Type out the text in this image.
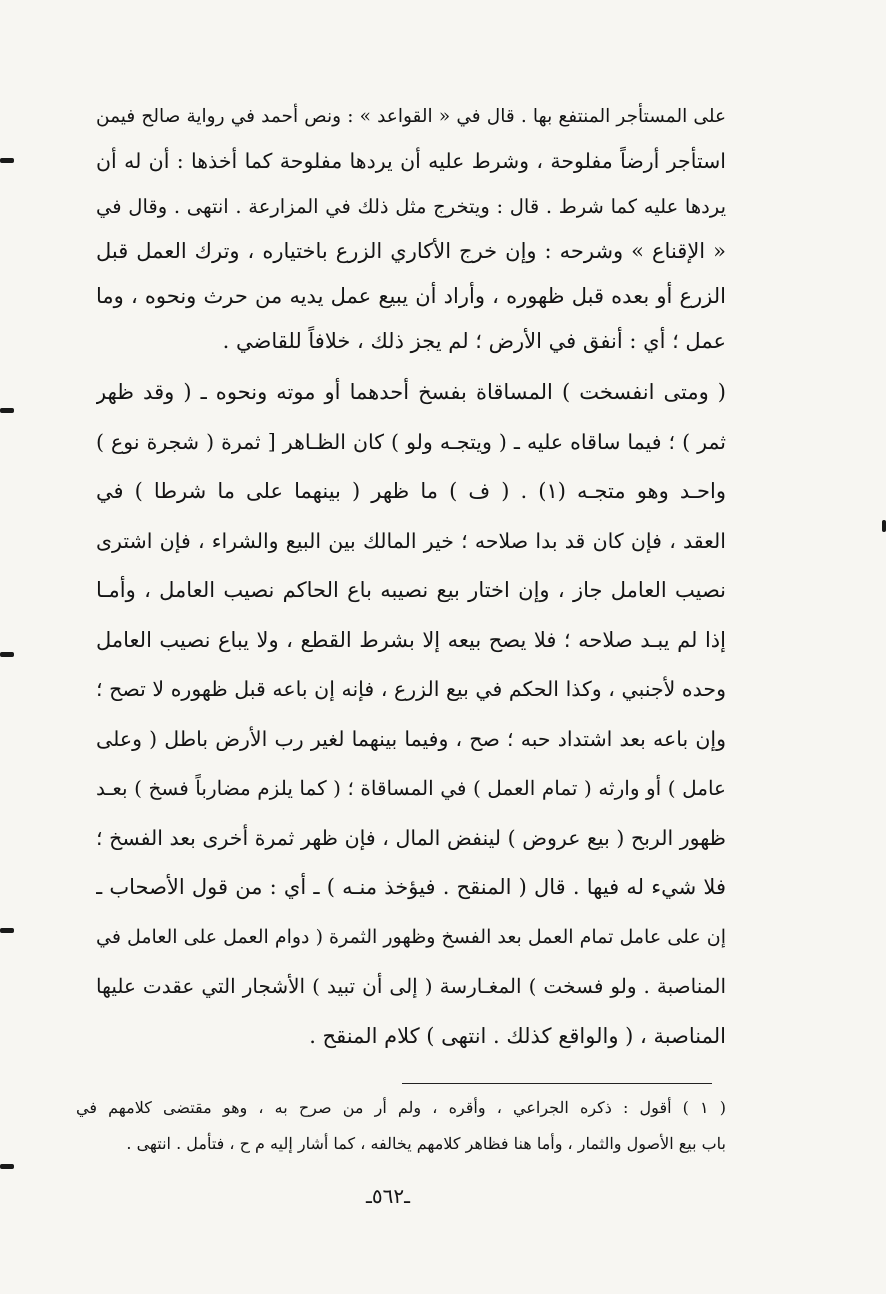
على المستأجر المنتفع بها . قال في « القواعد » : ونص أحمد في رواية صالح فيمن
استأجر أرضاً مفلوحة ، وشرط عليه أن يردها مفلوحة كما أخذها : أن له أن
يردها عليه كما شرط . قال : ويتخرج مثل ذلك في المزارعة . انتهى . وقال في
« الإقناع » وشرحه : وإن خرج الأكاري الزرع باختياره ، وترك العمل قبل
الزرع أو بعده قبل ظهوره ، وأراد أن يبيع عمل يديه من حرث ونحوه ، وما
عمل ؛ أي : أنفق في الأرض ؛ لم يجز ذلك ، خلافاً للقاضي .
( ومتى انفسخت ) المساقاة بفسخ أحدهما أو موته ونحوه ـ ( وقد ظهر
ثمر ) ؛ فيما ساقاه عليه ـ ( ويتجـه ولو ) كان الظـاهر [ ثمرة ( شجرة نوع )
واحـد وهو متجـه (١) . ( ف ) ما ظهر ( بينهما على ما شرطا ) في
العقد ، فإن كان قد بدا صلاحه ؛ خير المالك بين البيع والشراء ، فإن اشترى
نصيب العامل جاز ، وإن اختار بيع نصيبه باع الحاكم نصيب العامل ، وأمـا
إذا لم يبـد صلاحه ؛ فلا يصح بيعه إلا بشرط القطع ، ولا يباع نصيب العامل
وحده لأجنبي ، وكذا الحكم في بيع الزرع ، فإنه إن باعه قبل ظهوره لا تصح ؛
وإن باعه بعد اشتداد حبه ؛ صح ، وفيما بينهما لغير رب الأرض باطل ( وعلى
عامل ) أو وارثه ( تمام العمل ) في المساقاة ؛ ( كما يلزم مضارباً فسخ ) بعـد
ظهور الربح ( بيع عروض ) لينفض المال ، فإن ظهر ثمرة أخرى بعد الفسخ ؛
فلا شيء له فيها . قال ( المنقح . فيؤخذ منـه ) ـ أي : من قول الأصحاب ـ
إن على عامل تمام العمل بعد الفسخ وظهور الثمرة ( دوام العمل على العامل في
المناصبة . ولو فسخت ) المغـارسة ( إلى أن تبيد ) الأشجار التي عقدت عليها
المناصبة ، ( والواقع كذلك . انتهى ) كلام المنقح .
( ١ ) أقول : ذكره الجراعي ، وأقره ، ولم أر من صرح به ، وهو مقتضى كلامهم في
باب بيع الأصول والثمار ، وأما هنا فظاهر كلامهم يخالفه ، كما أشار إليه م ح ، فتأمل . انتهى .
ـ٥٦٢ـ
